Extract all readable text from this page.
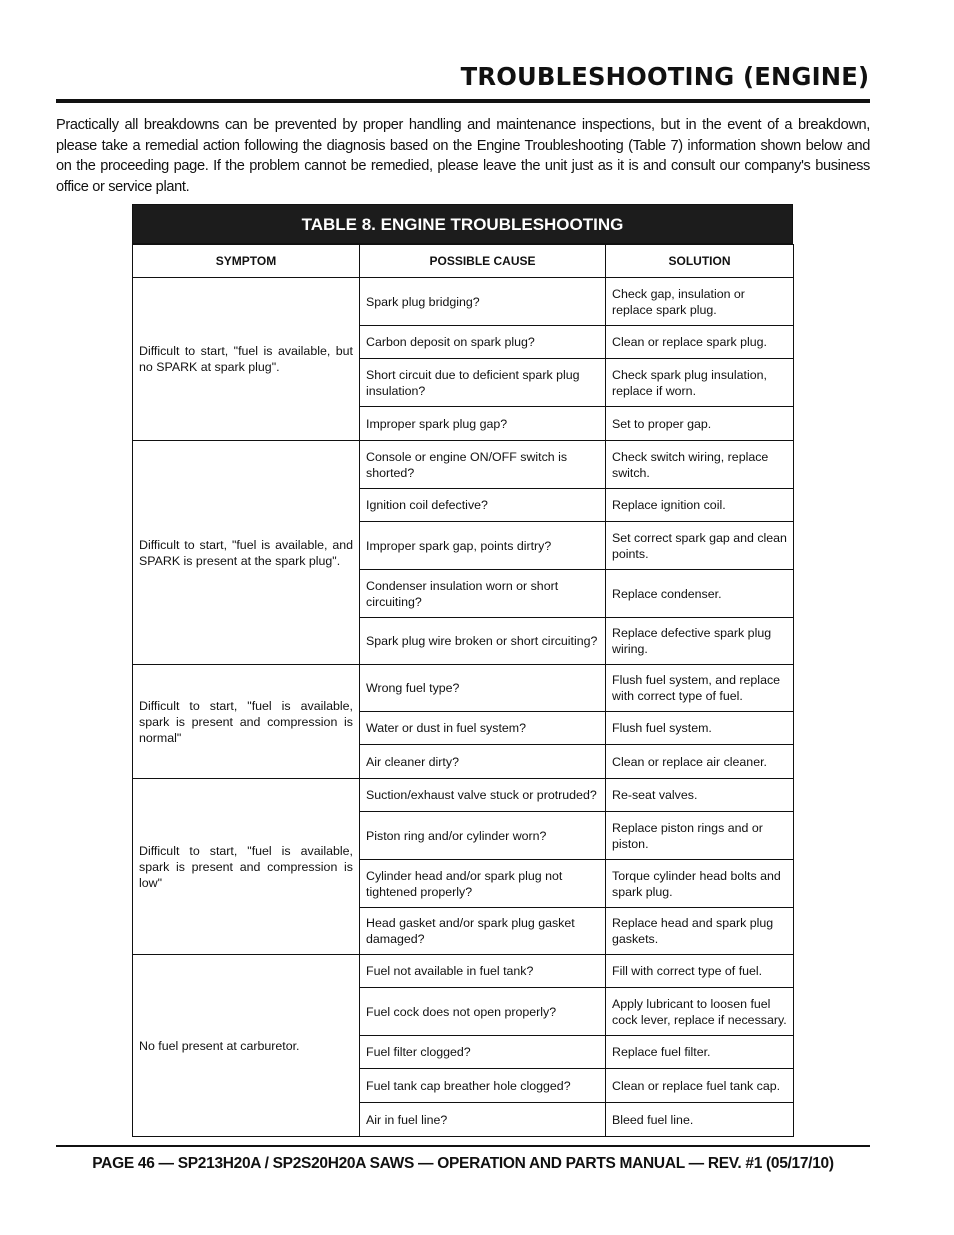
TROUBLESHOOTING (ENGINE)

Practically all breakdowns can be prevented by proper handling and maintenance inspections, but in the event of a breakdown, please take a remedial action following the diagnosis based on the Engine Troubleshooting (Table 7) information shown below and on the proceeding page. If the problem cannot be remedied, please leave the unit just as it is and consult our company's business office or service plant.

TABLE 8. ENGINE TROUBLESHOOTING
SYMPTOM	POSSIBLE CAUSE	SOLUTION
Difficult to start, "fuel is available, but no SPARK at spark plug".	Spark plug bridging?	Check gap, insulation or replace spark plug.
	Carbon deposit on spark plug?	Clean or replace spark plug.
	Short circuit due to deficient spark plug insulation?	Check spark plug insulation, replace if worn.
	Improper spark plug gap?	Set to proper gap.
Difficult to start, "fuel is available, and SPARK is present at the spark plug".	Console or engine ON/OFF switch is shorted?	Check switch wiring, replace switch.
	Ignition coil defective?	Replace ignition coil.
	Improper spark gap, points dirtry?	Set correct spark gap and clean points.
	Condenser insulation worn or short circuiting?	Replace condenser.
	Spark plug wire broken or short circuiting?	Replace defective spark plug wiring.
Difficult to start, "fuel is available, spark is present and compression is normal"	Wrong fuel type?	Flush fuel system, and replace with correct type of fuel.
	Water or dust in fuel system?	Flush fuel system.
	Air cleaner dirty?	Clean or replace air cleaner.
Difficult to start, "fuel is available, spark is present and compression is low"	Suction/exhaust valve stuck or protruded?	Re-seat valves.
	Piston ring and/or cylinder worn?	Replace piston rings and or piston.
	Cylinder head and/or spark plug not tightened properly?	Torque cylinder head bolts and spark plug.
	Head gasket and/or spark plug gasket damaged?	Replace head and spark plug gaskets.
No fuel present at carburetor.	Fuel not available in fuel tank?	Fill with correct type of fuel.
	Fuel cock does not open properly?	Apply lubricant to loosen fuel cock lever, replace if necessary.
	Fuel filter clogged?	Replace fuel filter.
	Fuel tank cap breather hole clogged?	Clean or replace fuel tank cap.
	Air in fuel line?	Bleed fuel line.

PAGE 46 — SP213H20A / SP2S20H20A SAWS — OPERATION AND PARTS MANUAL — REV. #1 (05/17/10)
